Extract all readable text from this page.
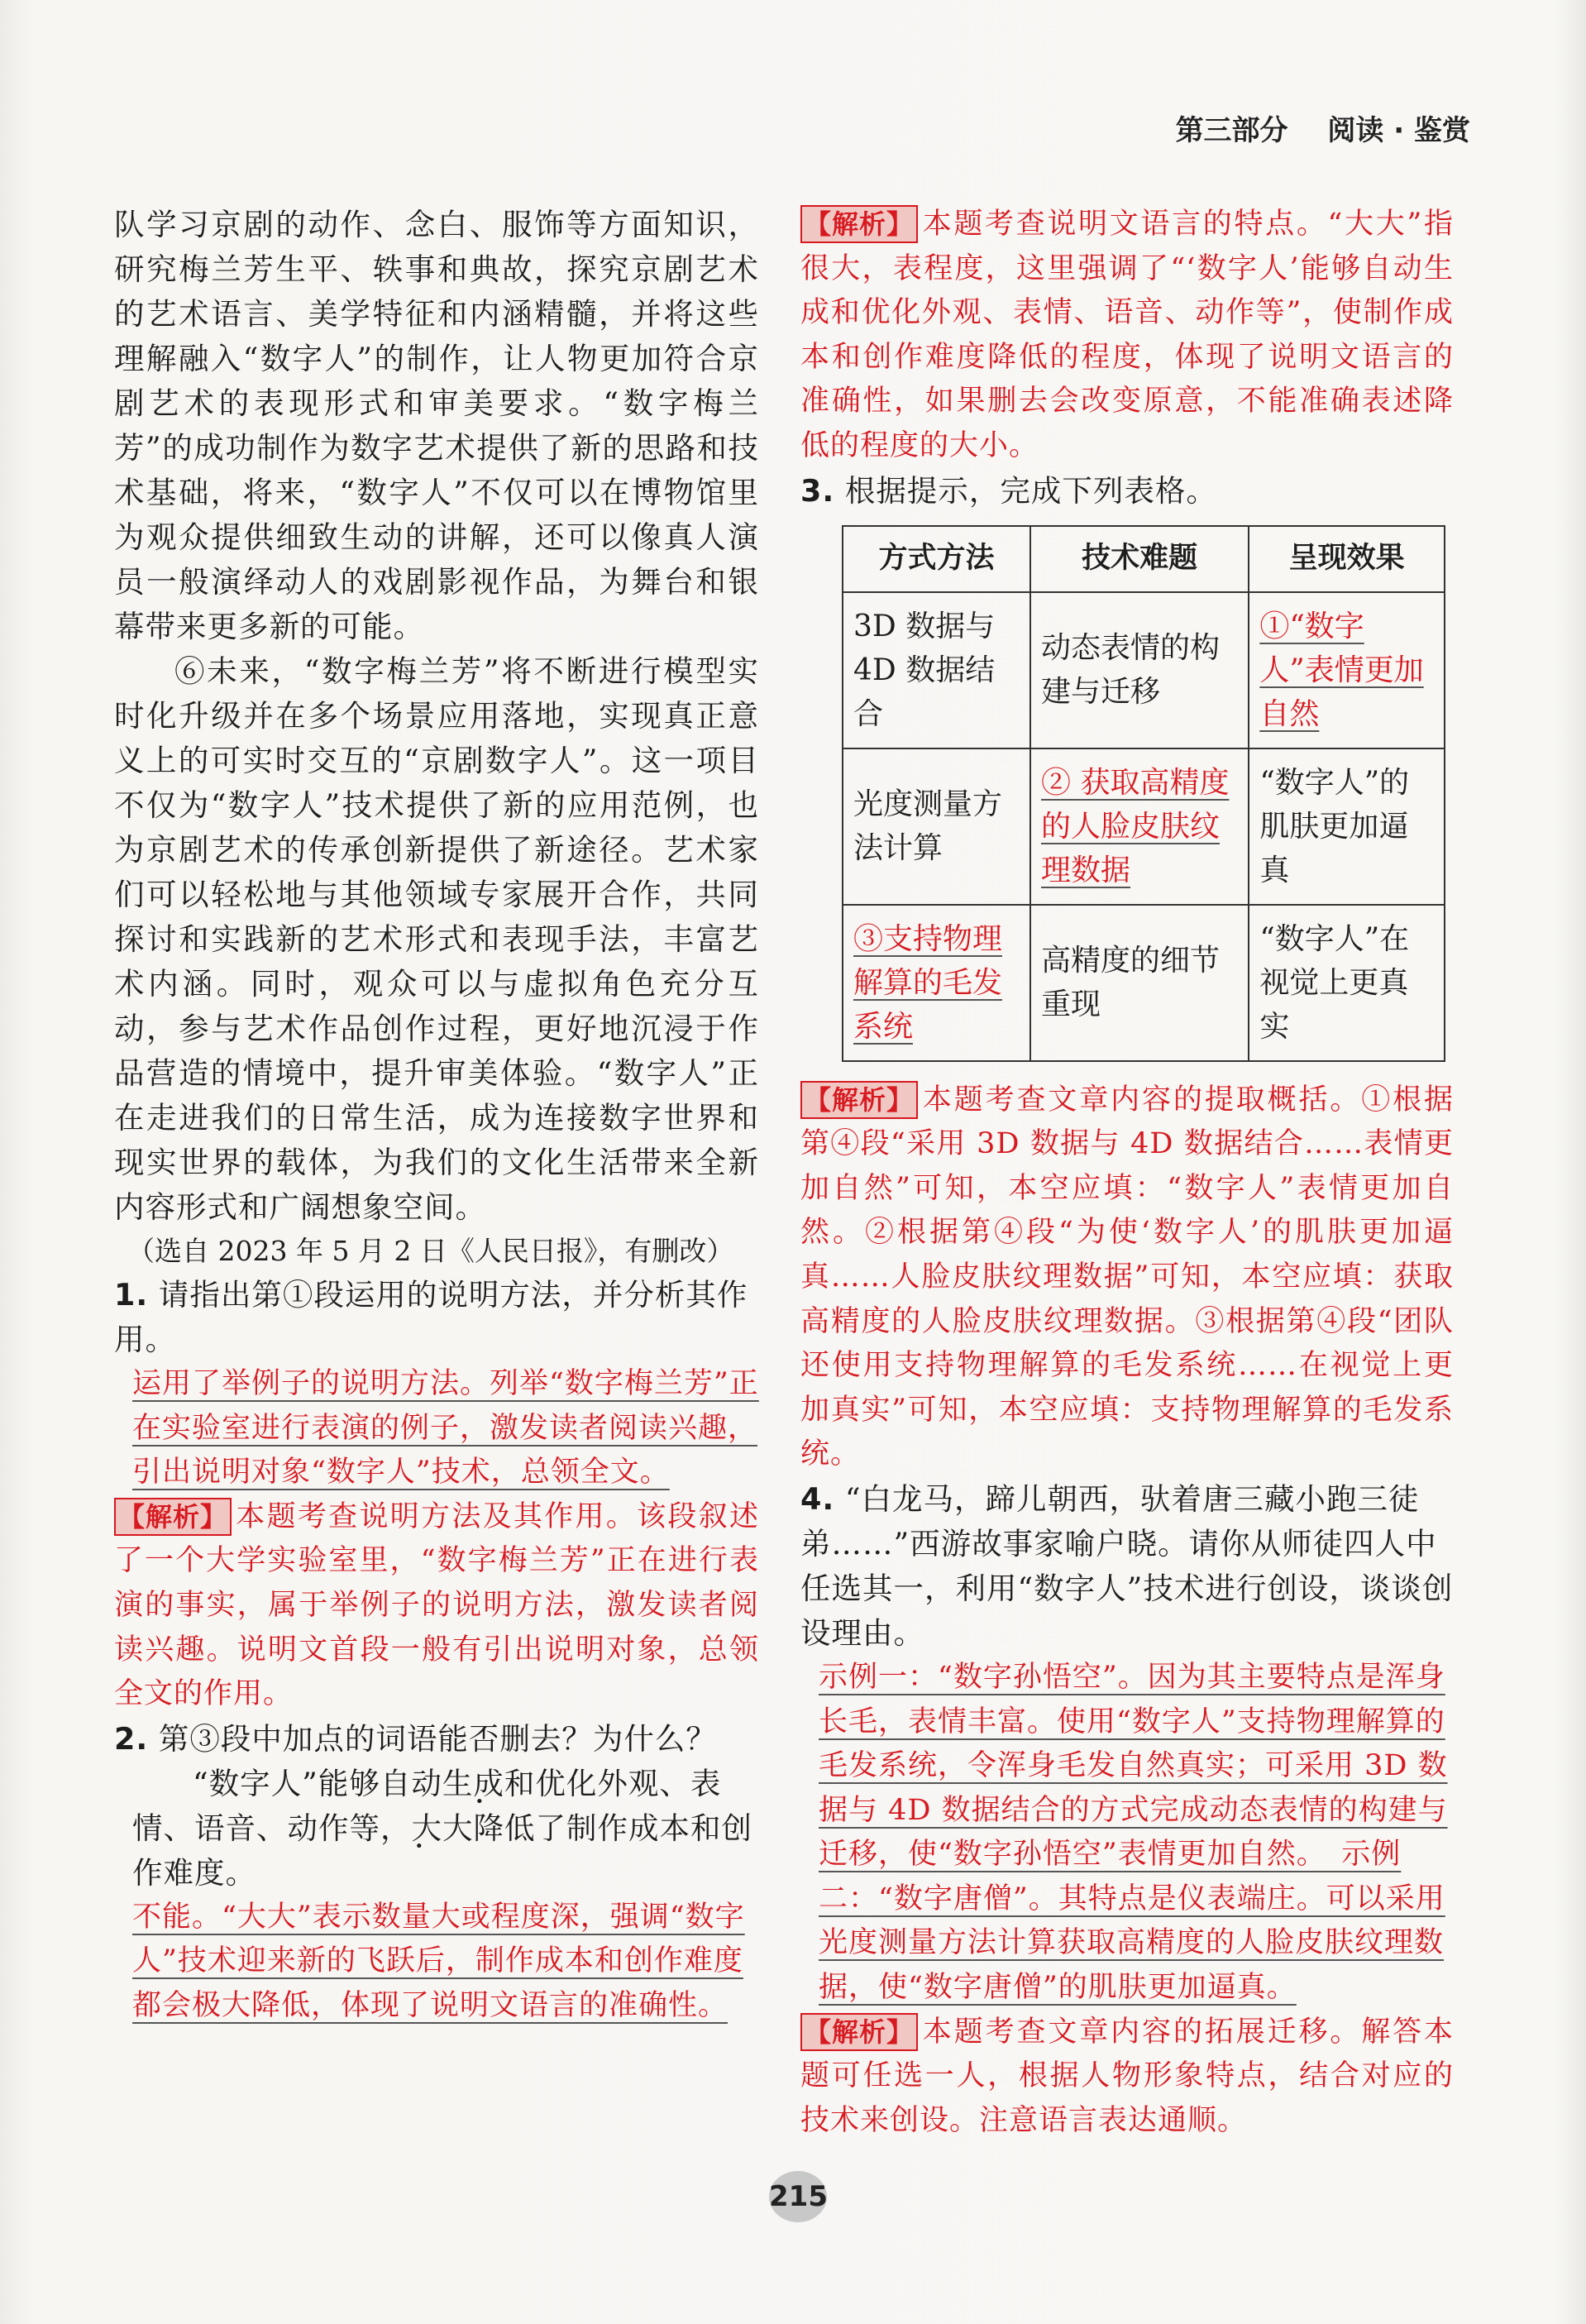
第三部分 阅读 · 鉴赏

队学习京剧的动作、念白、服饰等方面知识，研究梅兰芳生平、轶事和典故，探究京剧艺术的艺术语言、美学特征和内涵精髓，并将这些理解融入“数字人”的制作，让人物更加符合京剧艺术的表现形式和审美要求。“数字梅兰芳”的成功制作为数字艺术提供了新的思路和技术基础，将来，“数字人”不仅可以在博物馆里为观众提供细致生动的讲解，还可以像真人演员一般演绎动人的戏剧影视作品，为舞台和银幕带来更多新的可能。

⑥未来，“数字梅兰芳”将不断进行模型实时化升级并在多个场景应用落地，实现真正意义上的可实时交互的“京剧数字人”。这一项目不仅为“数字人”技术提供了新的应用范例，也为京剧艺术的传承创新提供了新途径。艺术家们可以轻松地与其他领域专家展开合作，共同探讨和实践新的艺术形式和表现手法，丰富艺术内涵。同时，观众可以与虚拟角色充分互动，参与艺术作品创作过程，更好地沉浸于作品营造的情境中，提升审美体验。“数字人”正在走进我们的日常生活，成为连接数字世界和现实世界的载体，为我们的文化生活带来全新内容形式和广阔想象空间。

（选自 2023 年 5 月 2 日《人民日报》，有删改）

1. 请指出第①段运用的说明方法，并分析其作用。

运用了举例子的说明方法。列举“数字梅兰芳”正在实验室进行表演的例子，激发读者阅读兴趣，引出说明对象“数字人”技术，总领全文。

【解析】 本题考查说明方法及其作用。该段叙述了一个大学实验室里，“数字梅兰芳”正在进行表演的事实，属于举例子的说明方法，激发读者阅读兴趣。说明文首段一般有引出说明对象，总领全文的作用。

2. 第③段中加点的词语能否删去？为什么？

“数字人”能够自动生成和优化外观、表情、语音、动作等，大大 • •降低了制作成本和创作难度。

不能。“大大”表示数量大或程度深，强调“数字人”技术迎来新的飞跃后，制作成本和创作难度都会极大降低，体现了说明文语言的准确性。

【解析】 本题考查说明文语言的特点。“大大”指很大，表程度，这里强调了“‘数字人’能够自动生成和优化外观、表情、语音、动作等”，使制作成本和创作难度降低的程度，体现了说明文语言的准确性，如果删去会改变原意，不能准确表述降低的程度的大小。

3. 根据提示，完成下列表格。

方式方法	技术难题	呈现效果
3D 数据与 4D 数据结合	动态表情的构建与迁移	①“数字人”表情更加自然
光度测量方法计算	② 获取高精度的人脸皮肤纹理数据	“数字人”的肌肤更加逼真
③支持物理解算的毛发系统	高精度的细节重现	“数字人”在视觉上更真实

【解析】 本题考查文章内容的提取概括。①根据第④段“采用 3D 数据与 4D 数据结合……表情更加自然”可知，本空应填：“数字人”表情更加自然。②根据第④段“为使‘数字人’的肌肤更加逼真……人脸皮肤纹理数据”可知，本空应填：获取高精度的人脸皮肤纹理数据。③根据第④段“团队还使用支持物理解算的毛发系统……在视觉上更加真实”可知，本空应填：支持物理解算的毛发系统。

4. “白龙马，蹄儿朝西，驮着唐三藏小跑三徒弟……”西游故事家喻户晓。请你从师徒四人中任选其一，利用“数字人”技术进行创设，谈谈创设理由。

示例一：“数字孙悟空”。因为其主要特点是浑身长毛，表情丰富。使用“数字人”支持物理解算的毛发系统，令浑身毛发自然真实；可采用 3D 数据与 4D 数据结合的方式完成动态表情的构建与迁移，使“数字孙悟空”表情更加自然。　示例二：“数字唐僧”。其特点是仪表端庄。可以采用光度测量方法计算获取高精度的人脸皮肤纹理数据，使“数字唐僧”的肌肤更加逼真。

【解析】 本题考查文章内容的拓展迁移。解答本题可任选一人，根据人物形象特点，结合对应的技术来创设。注意语言表达通顺。

215
